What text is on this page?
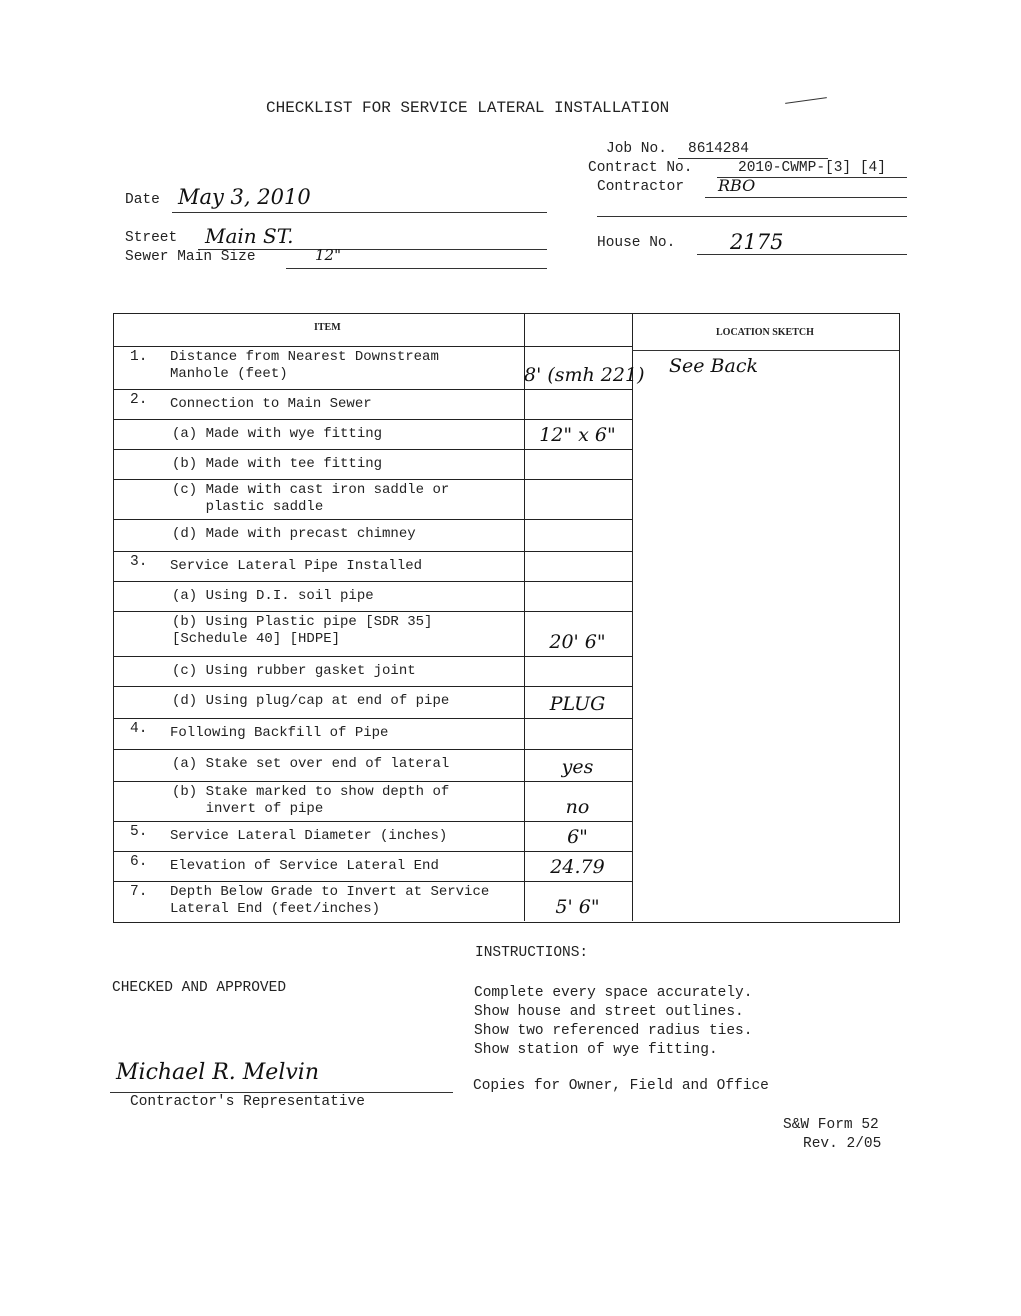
CHECKLIST FOR SERVICE LATERAL INSTALLATION
Job No. 8614284
Contract No.	2010-CWMP-[3] [4]
Contractor RBO
House No.	2175
Date May 3, 2010
Street Main ST.
Sewer Main Size	12"
ITEM	LOCATION SKETCH
See Back
1. Distance from Nearest Downstream
Manhole (feet)	8' (smh 221)
2. Connection to Main Sewer
(a) Made with wye fitting	12" x 6"
(b) Made with tee fitting
(c) Made with cast iron saddle or
plastic saddle
(d) Made with precast chimney
3. Service Lateral Pipe Installed
(a) Using D.I. soil pipe
(b) Using Plastic pipe [SDR 35]
[Schedule 40] [HDPE]	20' 6"
(c) Using rubber gasket joint
(d) Using plug/cap at end of pipe	PLUG
4. Following Backfill of Pipe
(a) Stake set over end of lateral	yes
(b) Stake marked to show depth of
invert of pipe	no
5. Service Lateral Diameter (inches)	6"
6. Elevation of Service Lateral End	24.79
7. Depth Below Grade to Invert at Service
Lateral End (feet/inches)	5' 6"
CHECKED AND APPROVED
Michael R. Melvin
Contractor's Representative
INSTRUCTIONS:
Complete every space accurately.
Show house and street outlines.
Show two referenced radius ties.
Show station of wye fitting.
Copies for Owner, Field and Office
S&W Form 52
Rev. 2/05
